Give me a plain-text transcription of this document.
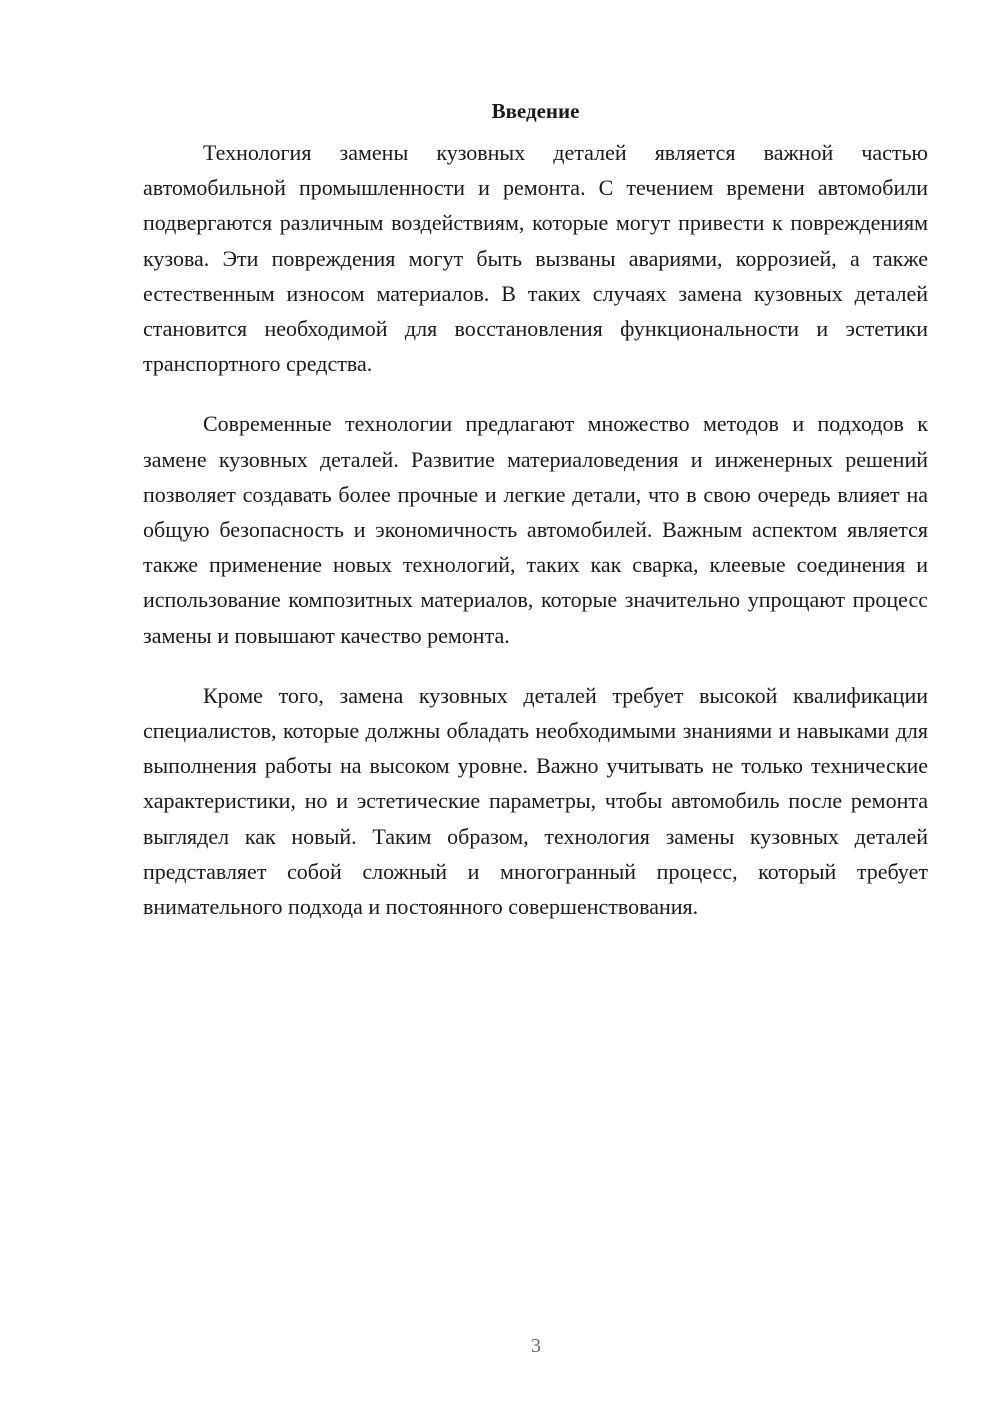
Введение

Технология замены кузовных деталей является важной частью автомобильной промышленности и ремонта. С течением времени автомобили подвергаются различным воздействиям, которые могут привести к повреждениям кузова. Эти повреждения могут быть вызваны авариями, коррозией, а также естественным износом материалов. В таких случаях замена кузовных деталей становится необходимой для восстановления функциональности и эстетики транспортного средства.

Современные технологии предлагают множество методов и подходов к замене кузовных деталей. Развитие материаловедения и инженерных решений позволяет создавать более прочные и легкие детали, что в свою очередь влияет на общую безопасность и экономичность автомобилей. Важным аспектом является также применение новых технологий, таких как сварка, клеевые соединения и использование композитных материалов, которые значительно упрощают процесс замены и повышают качество ремонта.

Кроме того, замена кузовных деталей требует высокой квалификации специалистов, которые должны обладать необходимыми знаниями и навыками для выполнения работы на высоком уровне. Важно учитывать не только технические характеристики, но и эстетические параметры, чтобы автомобиль после ремонта выглядел как новый. Таким образом, технология замены кузовных деталей представляет собой сложный и многогранный процесс, который требует внимательного подхода и постоянного совершенствования.

3
